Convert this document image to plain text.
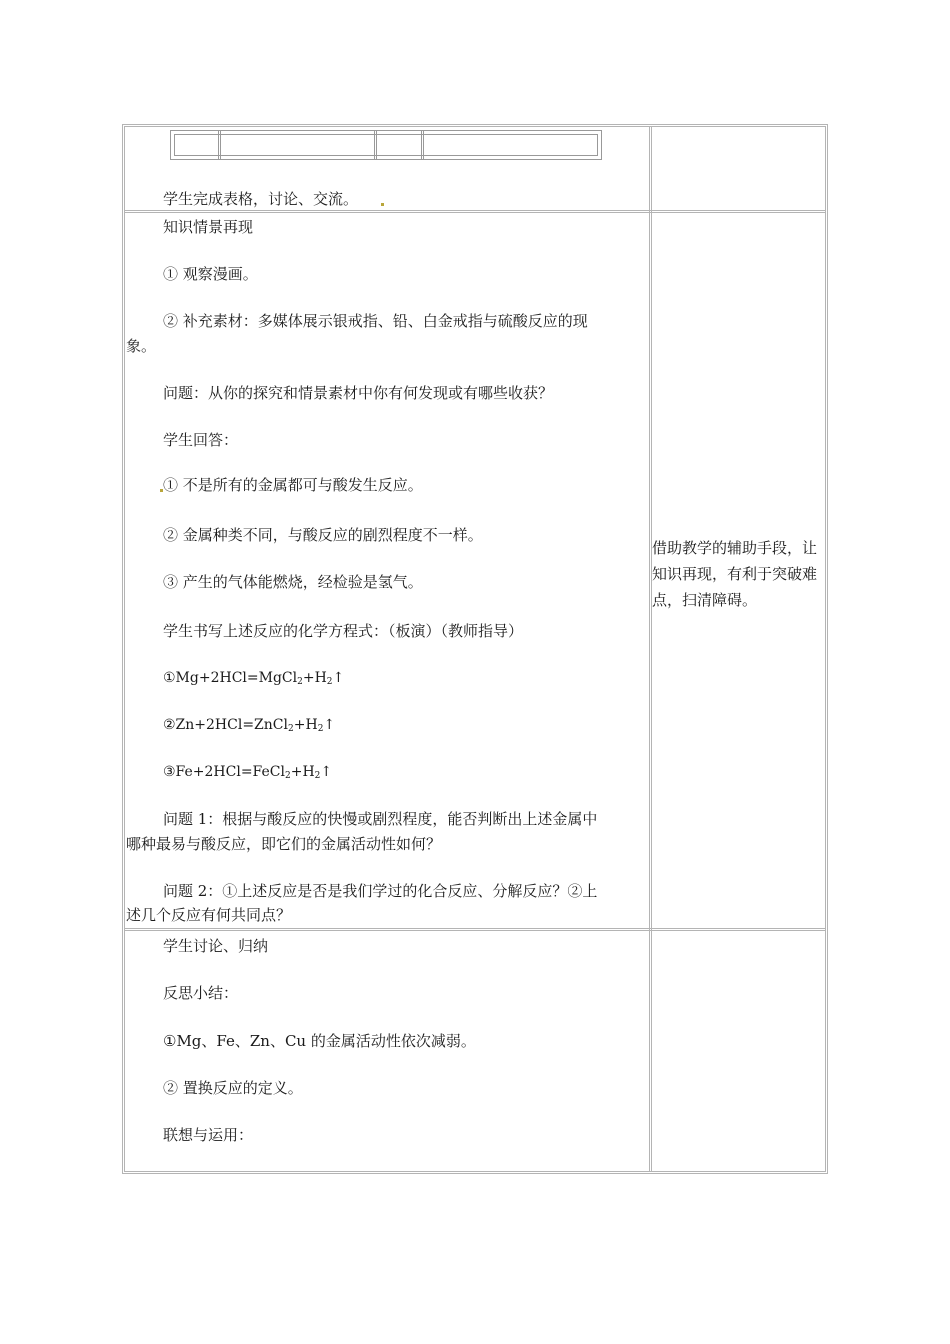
学生完成表格，讨论、交流。
知识情景再现
① 观察漫画。
② 补充素材：多媒体展示银戒指、铅、白金戒指与硫酸反应的现
象。
问题：从你的探究和情景素材中你有何发现或有哪些收获？
学生回答：
① 不是所有的金属都可与酸发生反应。
② 金属种类不同，与酸反应的剧烈程度不一样。
③ 产生的气体能燃烧，经检验是氢气。
学生书写上述反应的化学方程式：（板演）（教师指导）
$①Mg+2HCl=MgCl_2+H_2↑$
$②Zn+2HCl=ZnCl_2+H_2↑$
$③Fe+2HCl=FeCl_2+H_2↑$
问题 1：根据与酸反应的快慢或剧烈程度，能否判断出上述金属中
哪种最易与酸反应，即它们的金属活动性如何？
问题 2：①上述反应是否是我们学过的化合反应、分解反应？②上
述几个反应有何共同点？
借助教学的辅助手段，让知识再现，有利于突破难点，扫清障碍。
学生讨论、归纳
反思小结：
①Mg、Fe、Zn、Cu 的金属活动性依次减弱。
② 置换反应的定义。
联想与运用：
